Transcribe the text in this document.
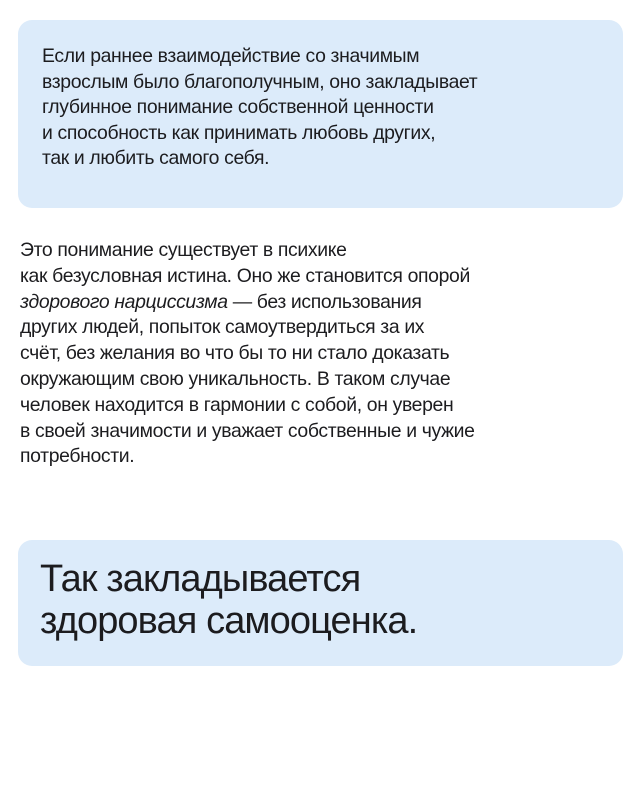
Если раннее взаимодействие со значимым
взрослым было благополучным, оно закладывает
глубинное понимание собственной ценности
и способность как принимать любовь других,
так и любить самого себя.

Это понимание существует в психике
как безусловная истина. Оно же становится опорой
здорового нарциссизма — без использования
других людей, попыток самоутвердиться за их
счёт, без желания во что бы то ни стало доказать
окружающим свою уникальность. В таком случае
человек находится в гармонии с собой, он уверен
в своей значимости и уважает собственные и чужие
потребности.

Так закладывается
здоровая самооценка.
